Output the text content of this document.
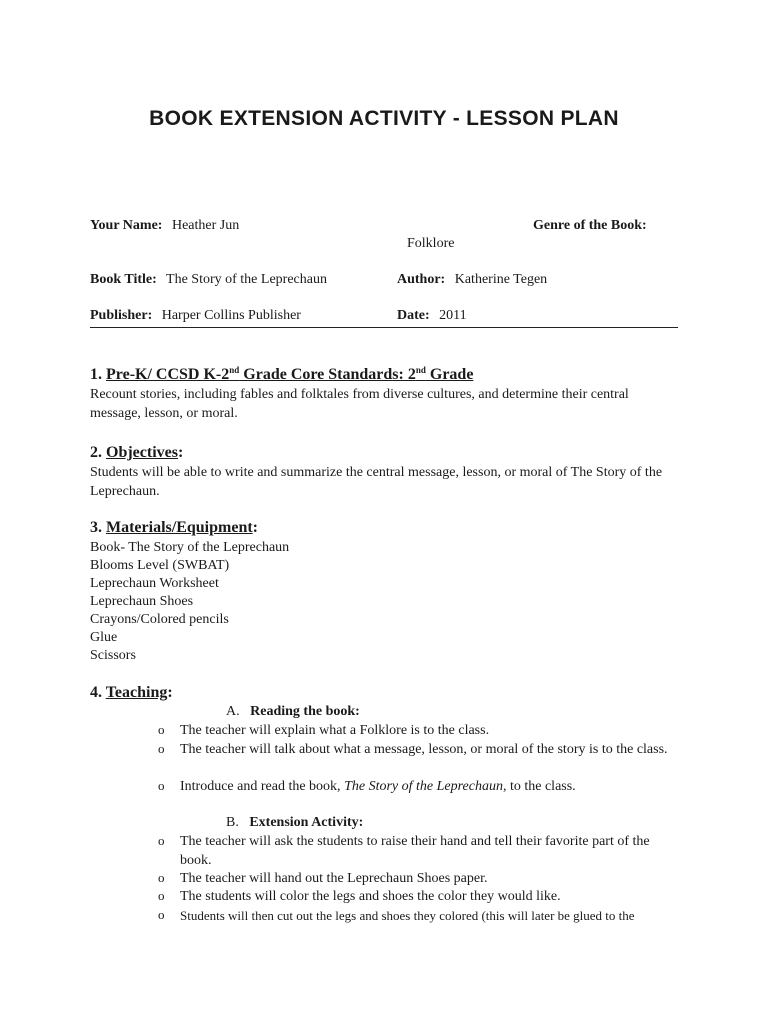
BOOK EXTENSION ACTIVITY - LESSON PLAN
Your Name: Heather Jun	Genre of the Book:
Folklore
Book Title: The Story of the Leprechaun	Author: Katherine Tegen
Publisher: Harper Collins Publisher	Date: 2011
1. Pre-K/ CCSD K-2nd Grade Core Standards: 2nd Grade
Recount stories, including fables and folktales from diverse cultures, and determine their central message, lesson, or moral.
2. Objectives:
Students will be able to write and summarize the central message, lesson, or moral of The Story of the Leprechaun.
3. Materials/Equipment:
Book- The Story of the Leprechaun
Blooms Level (SWBAT)
Leprechaun Worksheet
Leprechaun Shoes
Crayons/Colored pencils
Glue
Scissors
4. Teaching:
A. Reading the book:
o The teacher will explain what a Folklore is to the class.
o The teacher will talk about what a message, lesson, or moral of the story is to the class.
o Introduce and read the book, The Story of the Leprechaun, to the class.
B. Extension Activity:
o The teacher will ask the students to raise their hand and tell their favorite part of the book.
o The teacher will hand out the Leprechaun Shoes paper.
o The students will color the legs and shoes the color they would like.
o Students will then cut out the legs and shoes they colored (this will later be glued to the
